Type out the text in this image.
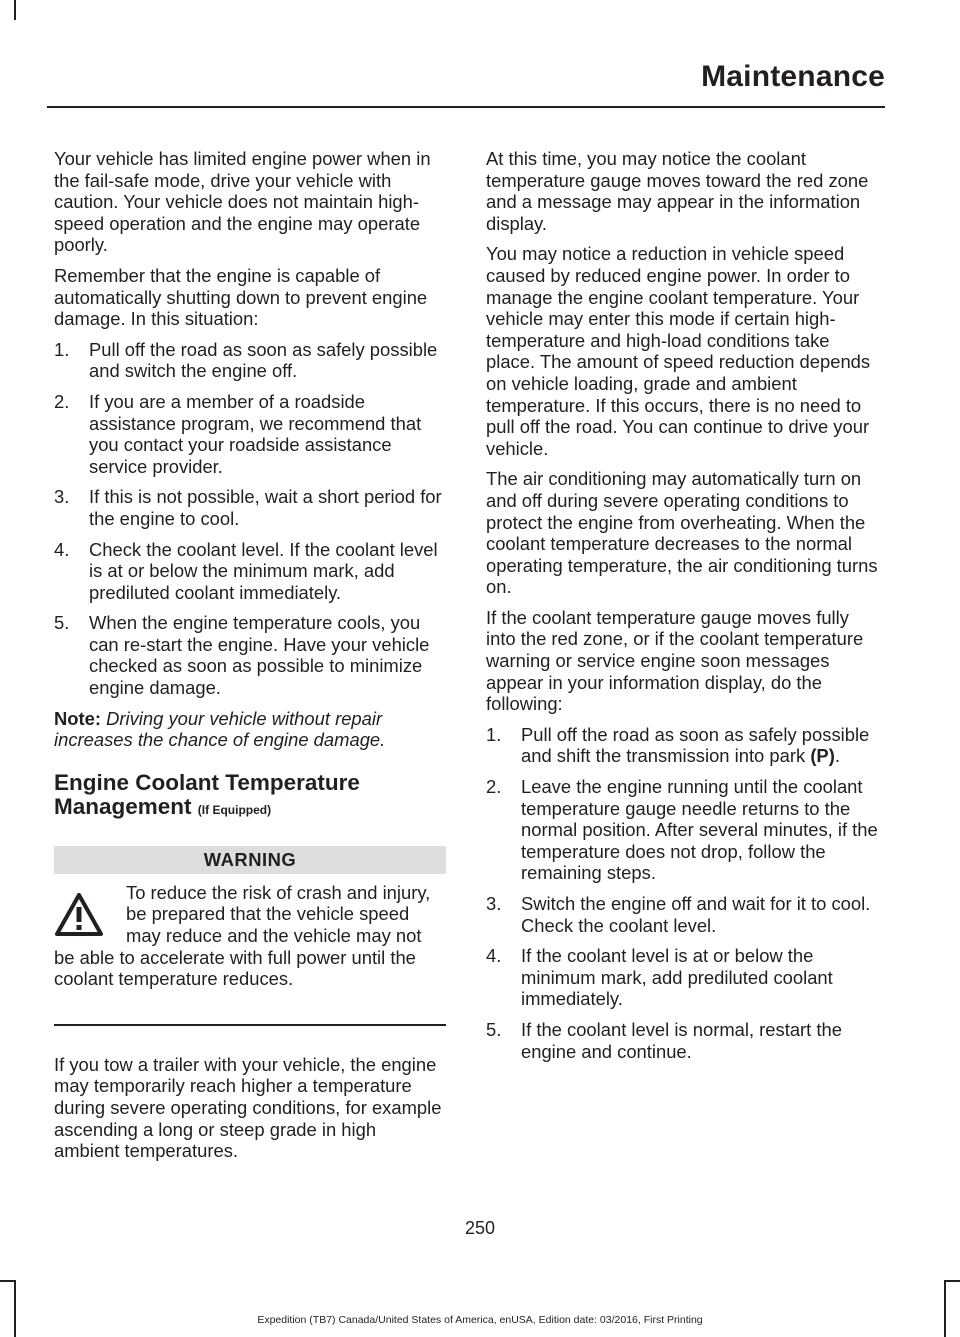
Maintenance

Your vehicle has limited engine power when in the fail-safe mode, drive your vehicle with caution. Your vehicle does not maintain high-speed operation and the engine may operate poorly.

Remember that the engine is capable of automatically shutting down to prevent engine damage. In this situation:

1. Pull off the road as soon as safely possible and switch the engine off.
2. If you are a member of a roadside assistance program, we recommend that you contact your roadside assistance service provider.
3. If this is not possible, wait a short period for the engine to cool.
4. Check the coolant level. If the coolant level is at or below the minimum mark, add prediluted coolant immediately.
5. When the engine temperature cools, you can re-start the engine. Have your vehicle checked as soon as possible to minimize engine damage.

Note: Driving your vehicle without repair increases the chance of engine damage.

Engine Coolant Temperature Management (If Equipped)
WARNING
To reduce the risk of crash and injury, be prepared that the vehicle speed may reduce and the vehicle may not be able to accelerate with full power until the coolant temperature reduces.

If you tow a trailer with your vehicle, the engine may temporarily reach higher a temperature during severe operating conditions, for example ascending a long or steep grade in high ambient temperatures.

At this time, you may notice the coolant temperature gauge moves toward the red zone and a message may appear in the information display.

You may notice a reduction in vehicle speed caused by reduced engine power. In order to manage the engine coolant temperature. Your vehicle may enter this mode if certain high-temperature and high-load conditions take place. The amount of speed reduction depends on vehicle loading, grade and ambient temperature. If this occurs, there is no need to pull off the road. You can continue to drive your vehicle.

The air conditioning may automatically turn on and off during severe operating conditions to protect the engine from overheating. When the coolant temperature decreases to the normal operating temperature, the air conditioning turns on.

If the coolant temperature gauge moves fully into the red zone, or if the coolant temperature warning or service engine soon messages appear in your information display, do the following:

1. Pull off the road as soon as safely possible and shift the transmission into park (P).
2. Leave the engine running until the coolant temperature gauge needle returns to the normal position. After several minutes, if the temperature does not drop, follow the remaining steps.
3. Switch the engine off and wait for it to cool. Check the coolant level.
4. If the coolant level is at or below the minimum mark, add prediluted coolant immediately.
5. If the coolant level is normal, restart the engine and continue.
250
Expedition (TB7) Canada/United States of America, enUSA, Edition date: 03/2016, First Printing
